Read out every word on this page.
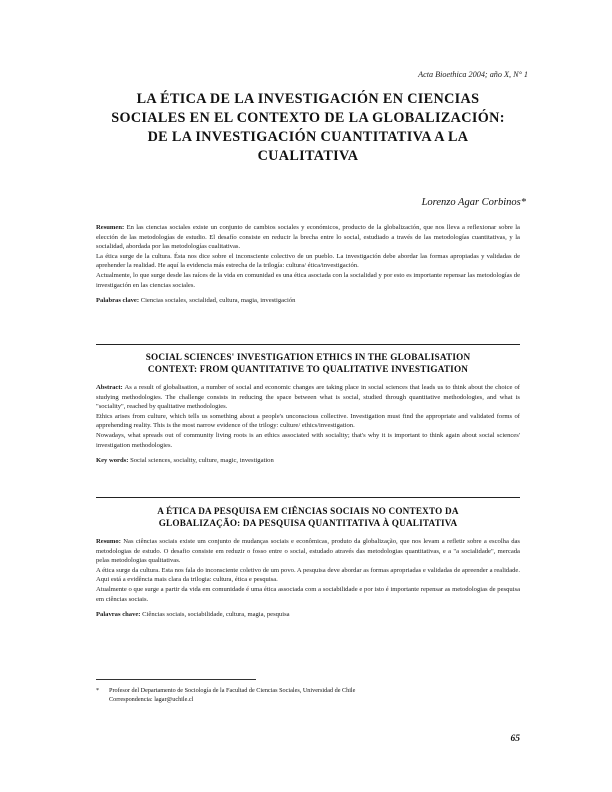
Acta Bioethica 2004; año X, N° 1
LA ÉTICA DE LA INVESTIGACIÓN EN CIENCIAS
SOCIALES EN EL CONTEXTO DE LA GLOBALIZACIÓN:
DE LA INVESTIGACIÓN CUANTITATIVA A LA
CUALITATIVA
Lorenzo Agar Corbinos*

Resumen: En las ciencias sociales existe un conjunto de cambios sociales y económicos, producto de la globalización, que nos lleva a reflexionar sobre la elección de las metodologías de estudio. El desafío consiste en reducir la brecha entre lo social, estudiado a través de las metodologías cuantitativas, y la socialidad, abordada por las metodologías cualitativas.

La ética surge de la cultura. Ésta nos dice sobre el inconsciente colectivo de un pueblo. La investigación debe abordar las formas apropiadas y validadas de aprehender la realidad. He aquí la evidencia más estrecha de la trilogía: cultura/ ética/investigación.

Actualmente, lo que surge desde las raíces de la vida en comunidad es una ética asociada con la socialidad y por esto es importante repensar las metodologías de investigación en las ciencias sociales.

Palabras clave: Ciencias sociales, socialidad, cultura, magia, investigación

SOCIAL SCIENCES' INVESTIGATION ETHICS IN THE GLOBALISATION
CONTEXT: FROM QUANTITATIVE TO QUALITATIVE INVESTIGATION

Abstract: As a result of globalisation, a number of social and economic changes are taking place in social sciences that leads us to think about the choice of studying methodologies. The challenge consists in reducing the space between what is social, studied through quantitative methodologies, and what is "sociality", reached by qualitative methodologies.

Ethics arises from culture, which tells us something about a people's unconscious collective. Investigation must find the appropriate and validated forms of apprehending reality. This is the most narrow evidence of the trilogy: culture/ ethics/investigation.

Nowadays, what spreads out of community living roots is an ethics associated with sociality; that's why it is important to think again about social sciences' investigation methodologies.

Key words: Social sciences, sociality, culture, magic, investigation

A ÉTICA DA PESQUISA EM CIÊNCIAS SOCIAIS NO CONTEXTO DA
GLOBALIZAÇÃO: DA PESQUISA QUANTITATIVA À QUALITATIVA

Resumo: Nas ciências sociais existe um conjunto de mudanças sociais e econômicas, produto da globalização, que nos levam a refletir sobre a escolha das metodologias de estudo. O desafio consiste em reduzir o fosso entre o social, estudado através das metodologias quantitativas, e a "a socialidade", mercada pelas metodologias qualitativas.

A ética surge da cultura. Esta nos fala do inconsciente coletivo de um povo. A pesquisa deve abordar as formas apropriadas e validadas de apreender a realidade. Aqui está a evidência mais clara da trilogia: cultura, ética e pesquisa.

Atualmente o que surge a partir da vida em comunidade é uma ética associada com a sociabilidade e por isto é importante repensar as metodologias de pesquisa em ciências sociais.

Palavras chave: Ciências sociais, sociabilidade, cultura, magia, pesquisa

* Profesor del Departamento de Sociología de la Facultad de Ciencias Sociales, Universidad de Chile
Correspondencia: lagar@uchile.cl
65
